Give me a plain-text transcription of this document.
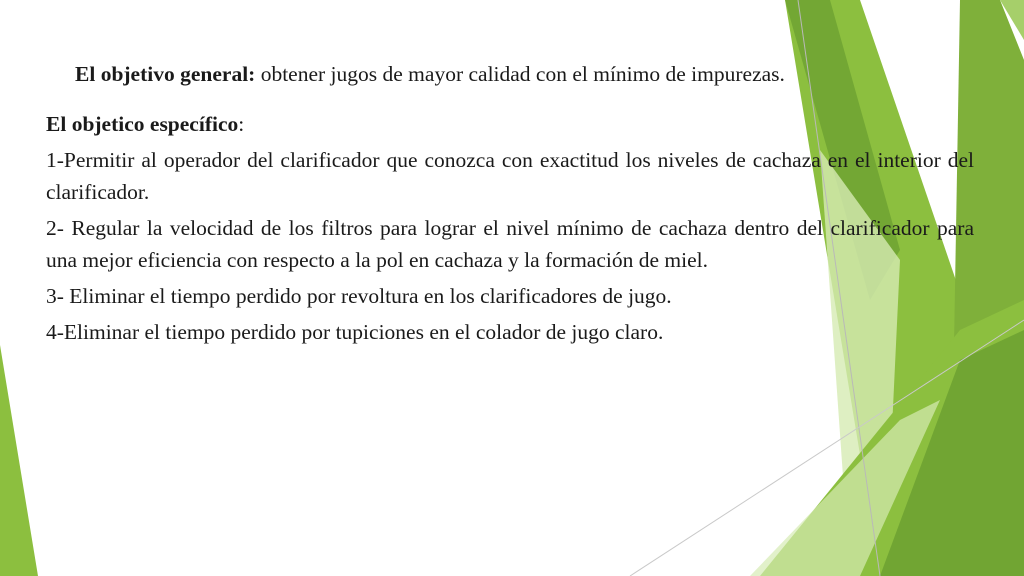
El objetivo general: obtener jugos de mayor calidad con el mínimo de impurezas.

El objetico específico:

1-Permitir al operador del clarificador que conozca con exactitud los niveles de cachaza en el interior del clarificador.

2- Regular la velocidad de los filtros para lograr el nivel mínimo de cachaza dentro del clarificador para una mejor eficiencia con respecto a la pol en cachaza y la formación de miel.

3- Eliminar el tiempo perdido por revoltura en los clarificadores de jugo.

4-Eliminar el tiempo perdido por tupiciones en el colador de jugo claro.
